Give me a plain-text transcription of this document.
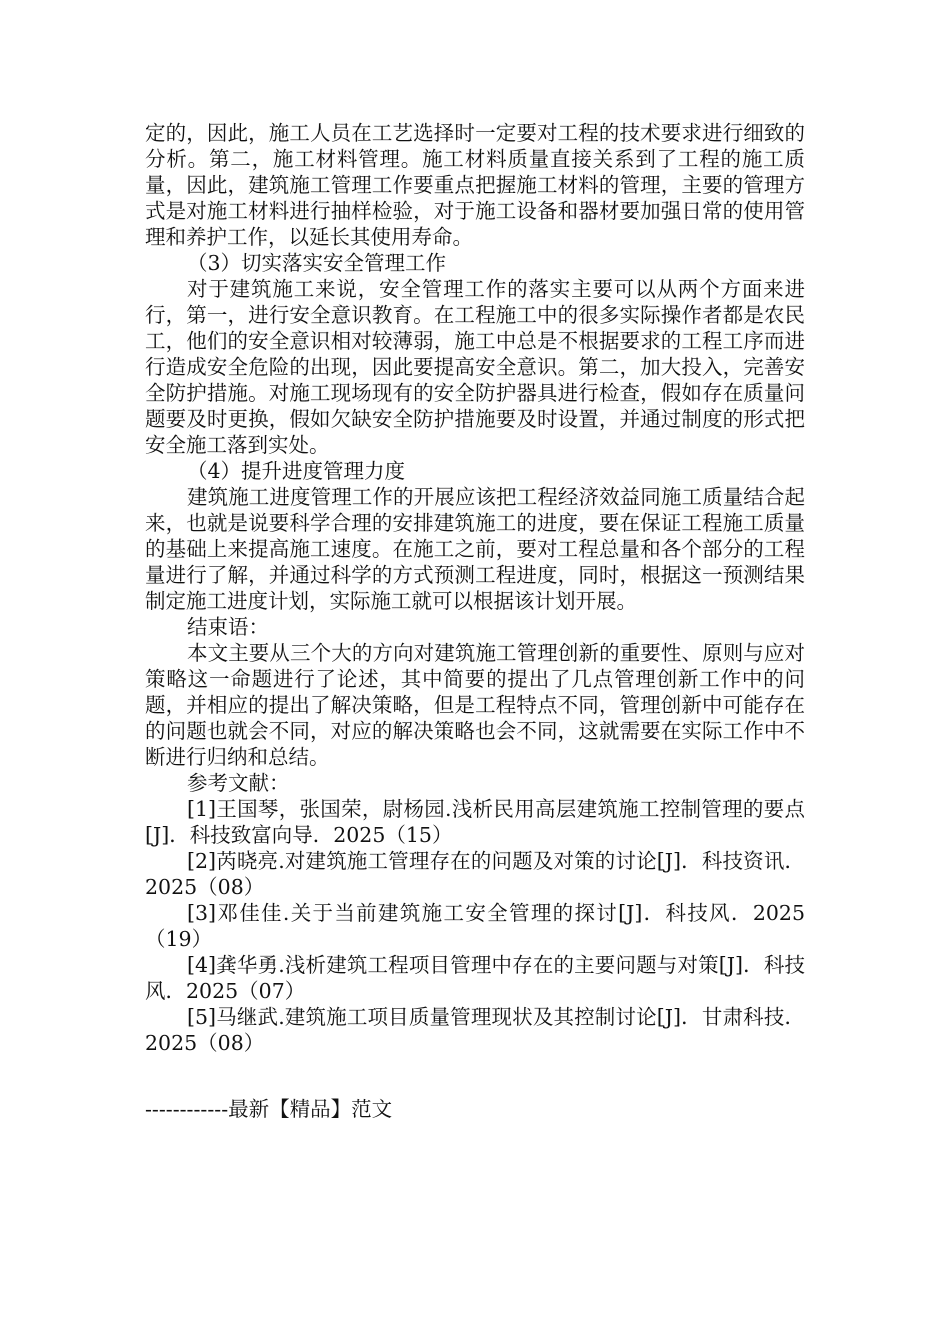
定的，因此，施工人员在工艺选择时一定要对工程的技术要求进行细致的分析。第二，施工材料管理。施工材料质量直接关系到了工程的施工质量，因此，建筑施工管理工作要重点把握施工材料的管理，主要的管理方式是对施工材料进行抽样检验，对于施工设备和器材要加强日常的使用管理和养护工作，以延长其使用寿命。

（3）切实落实安全管理工作

对于建筑施工来说，安全管理工作的落实主要可以从两个方面来进行，第一，进行安全意识教育。在工程施工中的很多实际操作者都是农民工，他们的安全意识相对较薄弱，施工中总是不根据要求的工程工序而进行造成安全危险的出现，因此要提高安全意识。第二，加大投入，完善安全防护措施。对施工现场现有的安全防护器具进行检查，假如存在质量问题要及时更换，假如欠缺安全防护措施要及时设置，并通过制度的形式把安全施工落到实处。

（4）提升进度管理力度

建筑施工进度管理工作的开展应该把工程经济效益同施工质量结合起来，也就是说要科学合理的安排建筑施工的进度，要在保证工程施工质量的基础上来提高施工速度。在施工之前，要对工程总量和各个部分的工程量进行了解，并通过科学的方式预测工程进度，同时，根据这一预测结果制定施工进度计划，实际施工就可以根据该计划开展。

结束语：

本文主要从三个大的方向对建筑施工管理创新的重要性、原则与应对策略这一命题进行了论述，其中简要的提出了几点管理创新工作中的问题，并相应的提出了解决策略，但是工程特点不同，管理创新中可能存在的问题也就会不同，对应的解决策略也会不同，这就需要在实际工作中不断进行归纳和总结。

参考文献：

[1]王国琴，张国荣，尉杨园.浅析民用高层建筑施工控制管理的要点[J]．科技致富向导．2025（15）

[2]芮晓亮.对建筑施工管理存在的问题及对策的讨论[J]．科技资讯．2025（08）

[3]邓佳佳.关于当前建筑施工安全管理的探讨[J]．科技风．2025（19）

[4]龚华勇.浅析建筑工程项目管理中存在的主要问题与对策[J]．科技风．2025（07）

[5]马继武.建筑施工项目质量管理现状及其控制讨论[J]．甘肃科技．2025（08）

------------最新【精品】范文
